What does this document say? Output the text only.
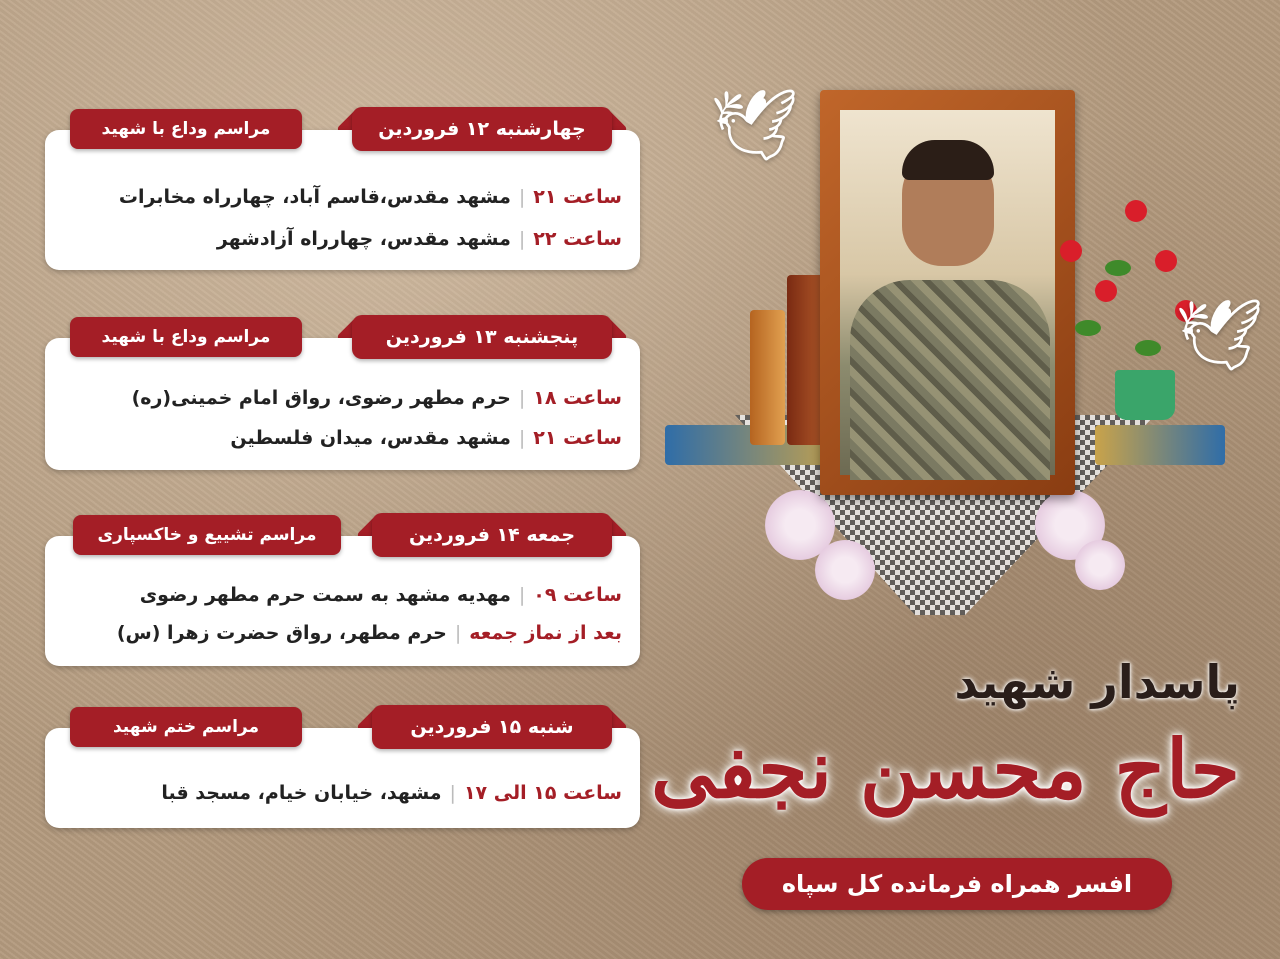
چهارشنبه ۱۲ فروردین
مراسم وداع با شهید
ساعت ۲۱|مشهد مقدس،قاسم آباد، چهارراه مخابرات
ساعت ۲۲|مشهد مقدس، چهارراه آزادشهر
پنجشنبه ۱۳ فروردین
مراسم وداع با شهید
ساعت ۱۸|حرم مطهر رضوی، رواق امام خمینی(ره)
ساعت ۲۱|مشهد مقدس، میدان فلسطین
جمعه ۱۴ فروردین
مراسم تشییع و خاکسپاری
ساعت ۰۹|مهدیه مشهد به سمت حرم مطهر رضوی
بعد از نماز جمعه|حرم مطهر، رواق حضرت زهرا (س)
شنبه ۱۵ فروردین
مراسم ختم شهید
ساعت ۱۵ الی ۱۷|مشهد، خیابان خیام، مسجد قبا
🕊
🕊
پاسدار شهید
حاج محسن نجفی
افسر همراه فرمانده کل سپاه
